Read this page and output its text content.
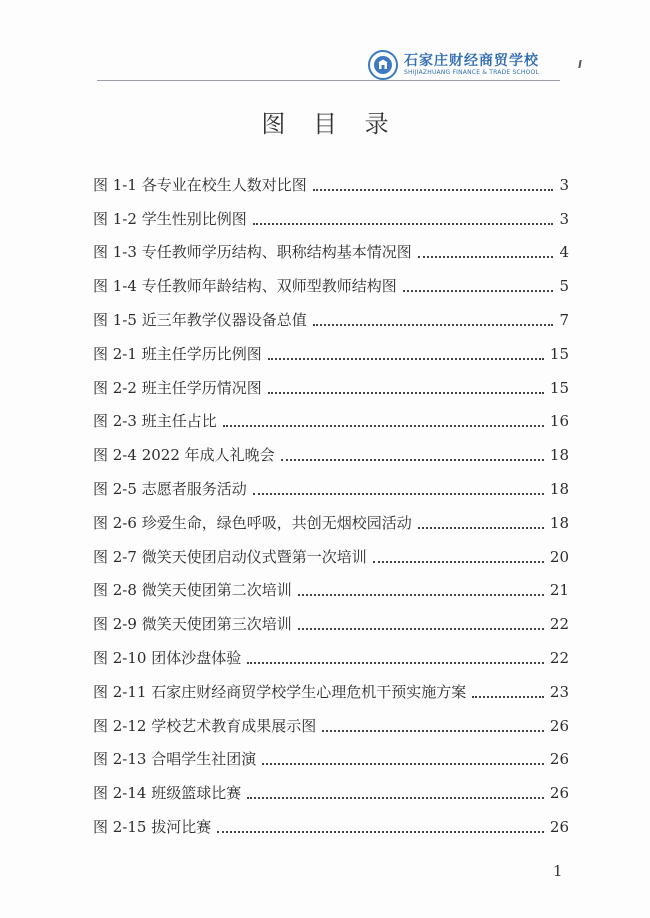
石家庄财经商贸学校
SHIJIAZHUANG FINANCE & TRADE SCHOOL
图 目 录
图 1-1 各专业在校生人数对比图	3
图 1-2 学生性别比例图	3
图 1-3 专任教师学历结构、职称结构基本情况图	4
图 1-4 专任教师年龄结构、双师型教师结构图	5
图 1-5 近三年教学仪器设备总值	7
图 2-1 班主任学历比例图	15
图 2-2 班主任学历情况图	15
图 2-3 班主任占比	16
图 2-4 2022 年成人礼晚会	18
图 2-5 志愿者服务活动	18
图 2-6 珍爱生命，绿色呼吸，共创无烟校园活动	18
图 2-7 微笑天使团启动仪式暨第一次培训	20
图 2-8 微笑天使团第二次培训	21
图 2-9 微笑天使团第三次培训	22
图 2-10 团体沙盘体验	22
图 2-11 石家庄财经商贸学校学生心理危机干预实施方案	23
图 2-12 学校艺术教育成果展示图	26
图 2-13 合唱学生社团演	26
图 2-14 班级篮球比赛	26
图 2-15 拔河比赛	26
1
